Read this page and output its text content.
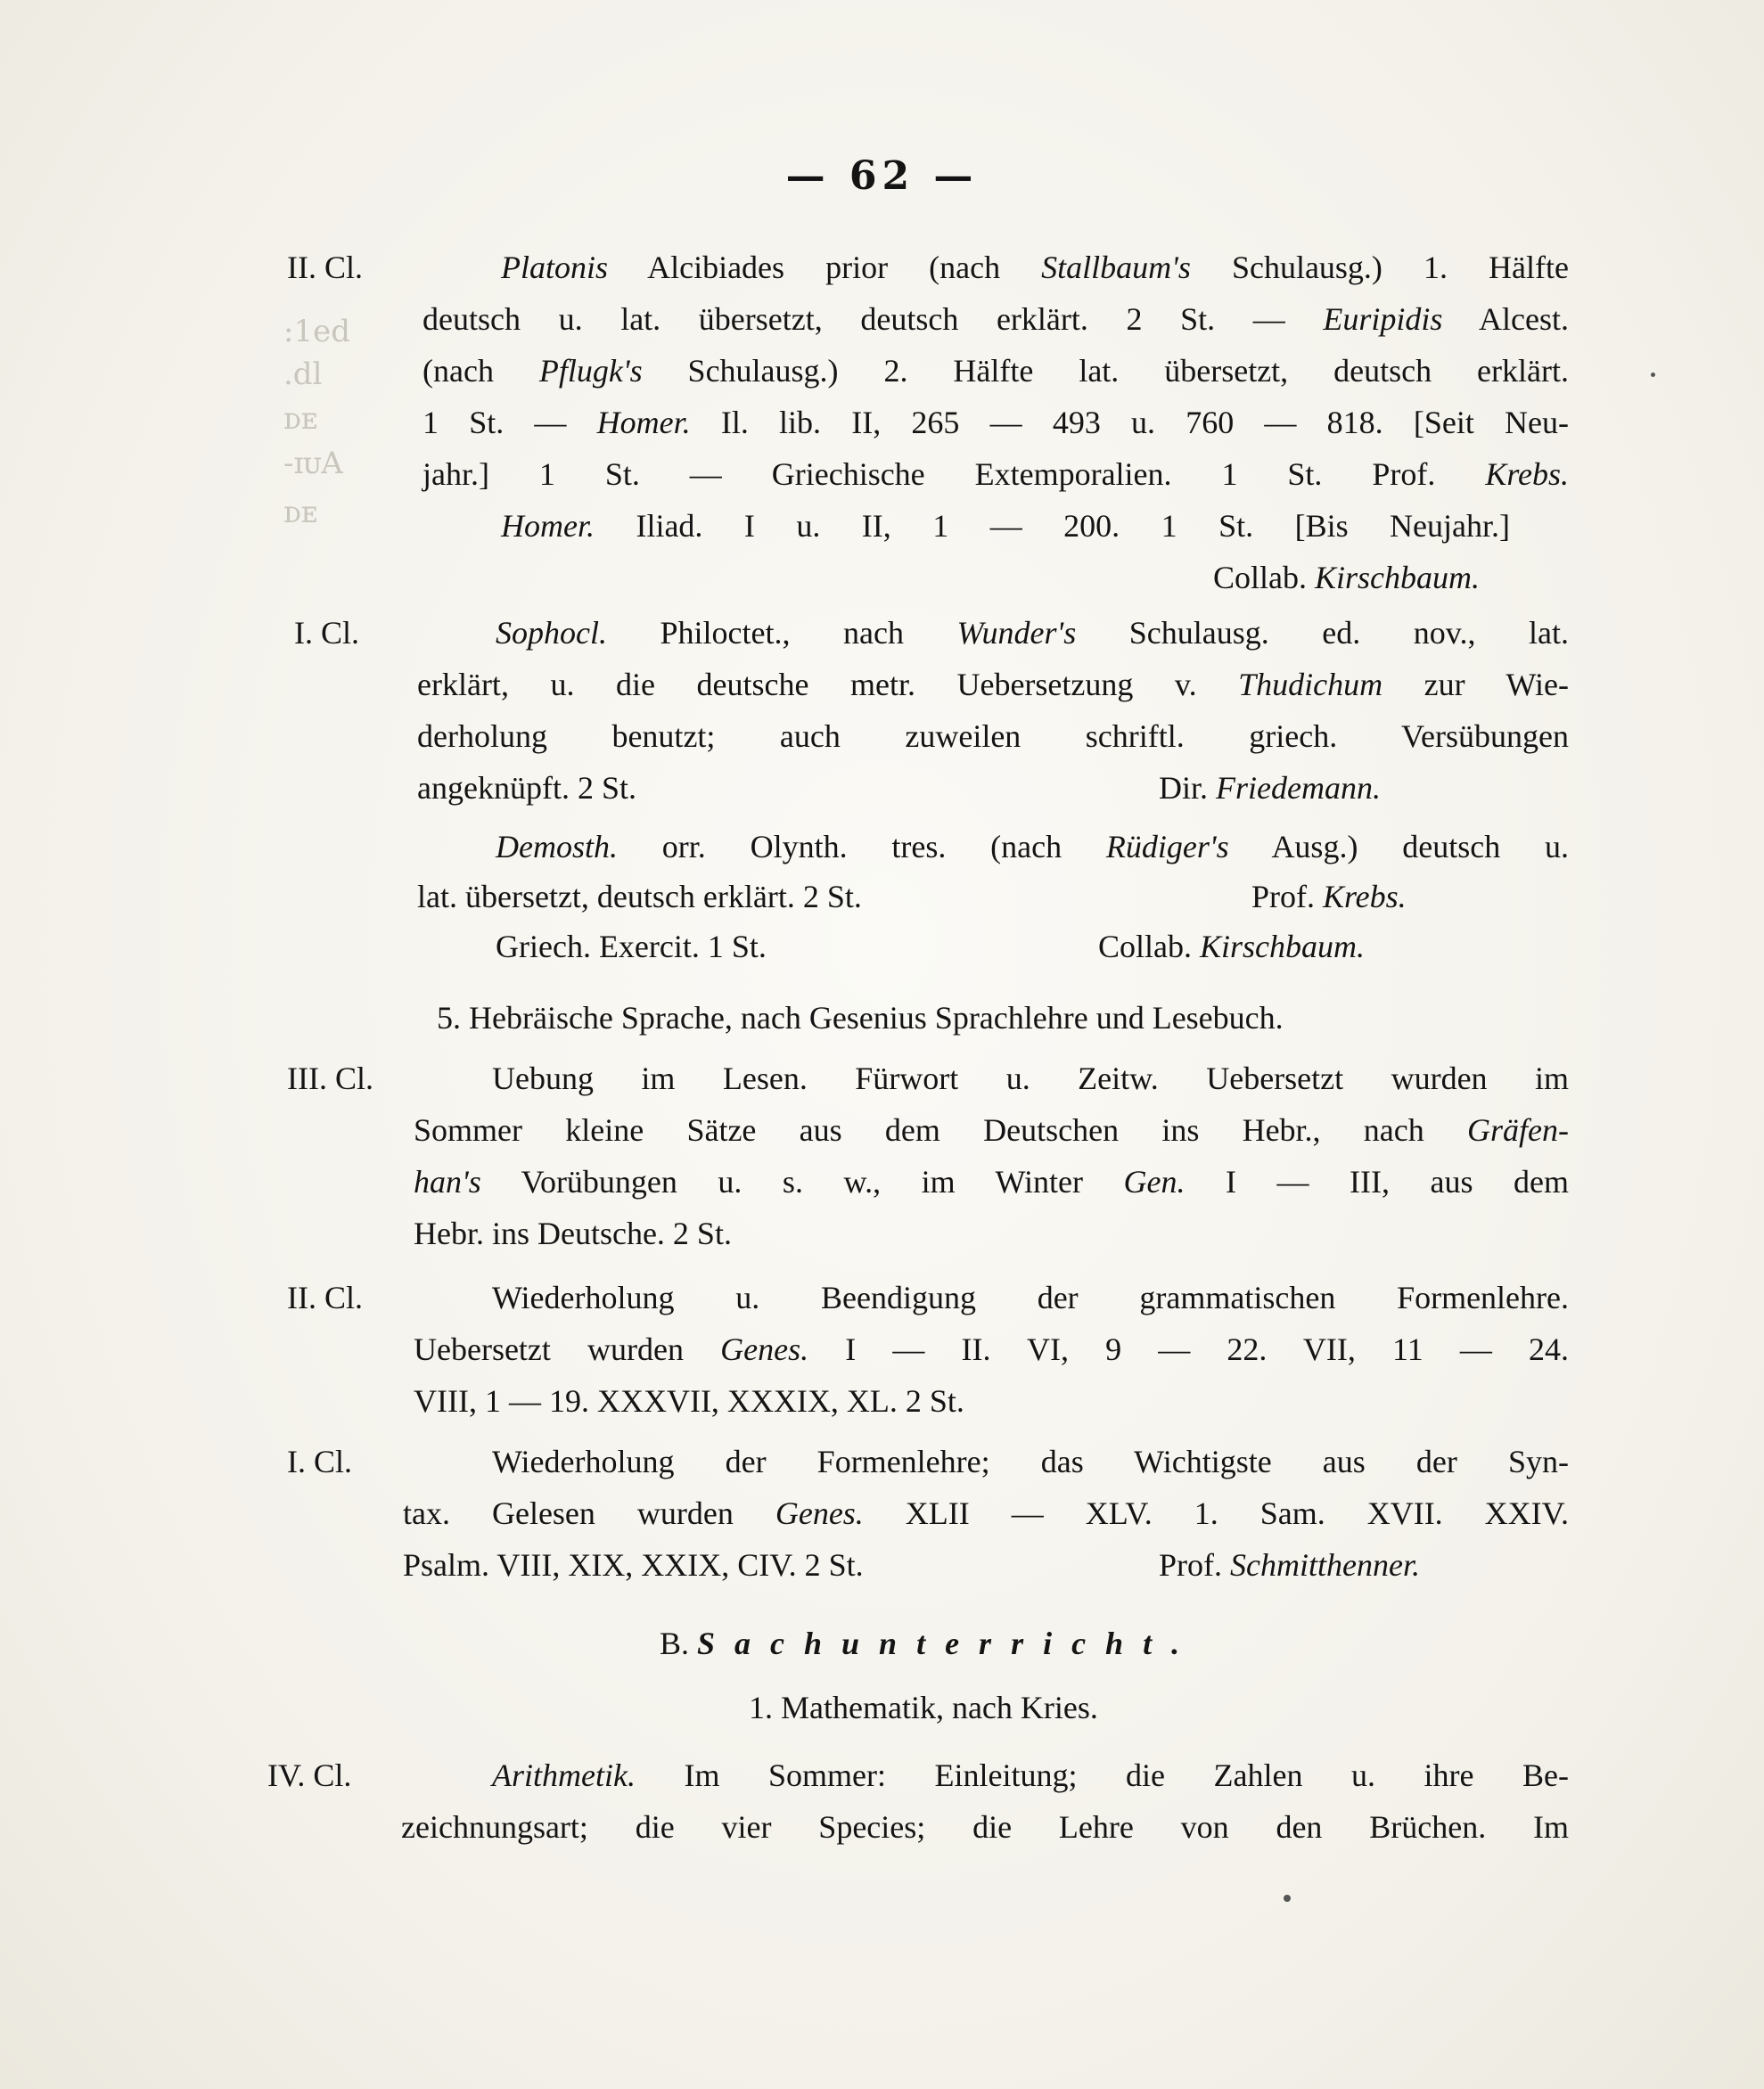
:1ed
.dl
ᴅᴇ
-ɪᴜA
ᴅᴇ
— 62 —
II. Cl.	Platonis Alcibiades prior (nach Stallbaum's Schulausg.) 1. Hälfte
deutsch u. lat. übersetzt, deutsch erklärt. 2 St. — Euripidis Alcest.
(nach Pflugk's Schulausg.) 2. Hälfte lat. übersetzt, deutsch erklärt.
1 St. — Homer. Il. lib. II, 265 — 493 u. 760 — 818. [Seit Neu-
jahr.] 1 St. — Griechische Extemporalien. 1 St. Prof. Krebs.
Homer. Iliad. I u. II, 1 — 200. 1 St. [Bis Neujahr.]
Collab. Kirschbaum.
I. Cl.	Sophocl. Philoctet., nach Wunder's Schulausg. ed. nov., lat.
erklärt, u. die deutsche metr. Uebersetzung v. Thudichum zur Wie-
derholung benutzt; auch zuweilen schriftl. griech. Versübungen
angeknüpft. 2 St.	Dir. Friedemann.
Demosth. orr. Olynth. tres. (nach Rüdiger's Ausg.) deutsch u.
lat. übersetzt, deutsch erklärt. 2 St.	Prof. Krebs.
Griech. Exercit. 1 St.	Collab. Kirschbaum.
5. Hebräische Sprache, nach Gesenius Sprachlehre und Lesebuch.
III. Cl.	Uebung im Lesen. Fürwort u. Zeitw. Uebersetzt wurden im
Sommer kleine Sätze aus dem Deutschen ins Hebr., nach Gräfen-
han's Vorübungen u. s. w., im Winter Gen. I — III, aus dem
Hebr. ins Deutsche. 2 St.
II. Cl.	Wiederholung u. Beendigung der grammatischen Formenlehre.
Uebersetzt wurden Genes. I — II. VI, 9 — 22. VII, 11 — 24.
VIII, 1 — 19. XXXVII, XXXIX, XL. 2 St.
I. Cl.	Wiederholung der Formenlehre; das Wichtigste aus der Syn-
tax. Gelesen wurden Genes. XLII — XLV. 1. Sam. XVII. XXIV.
Psalm. VIII, XIX, XXIX, CIV. 2 St.	Prof. Schmitthenner.
B. Sachunterricht.
1. Mathematik, nach Kries.
IV. Cl.	Arithmetik. Im Sommer: Einleitung; die Zahlen u. ihre Be-
zeichnungsart; die vier Species; die Lehre von den Brüchen. Im
